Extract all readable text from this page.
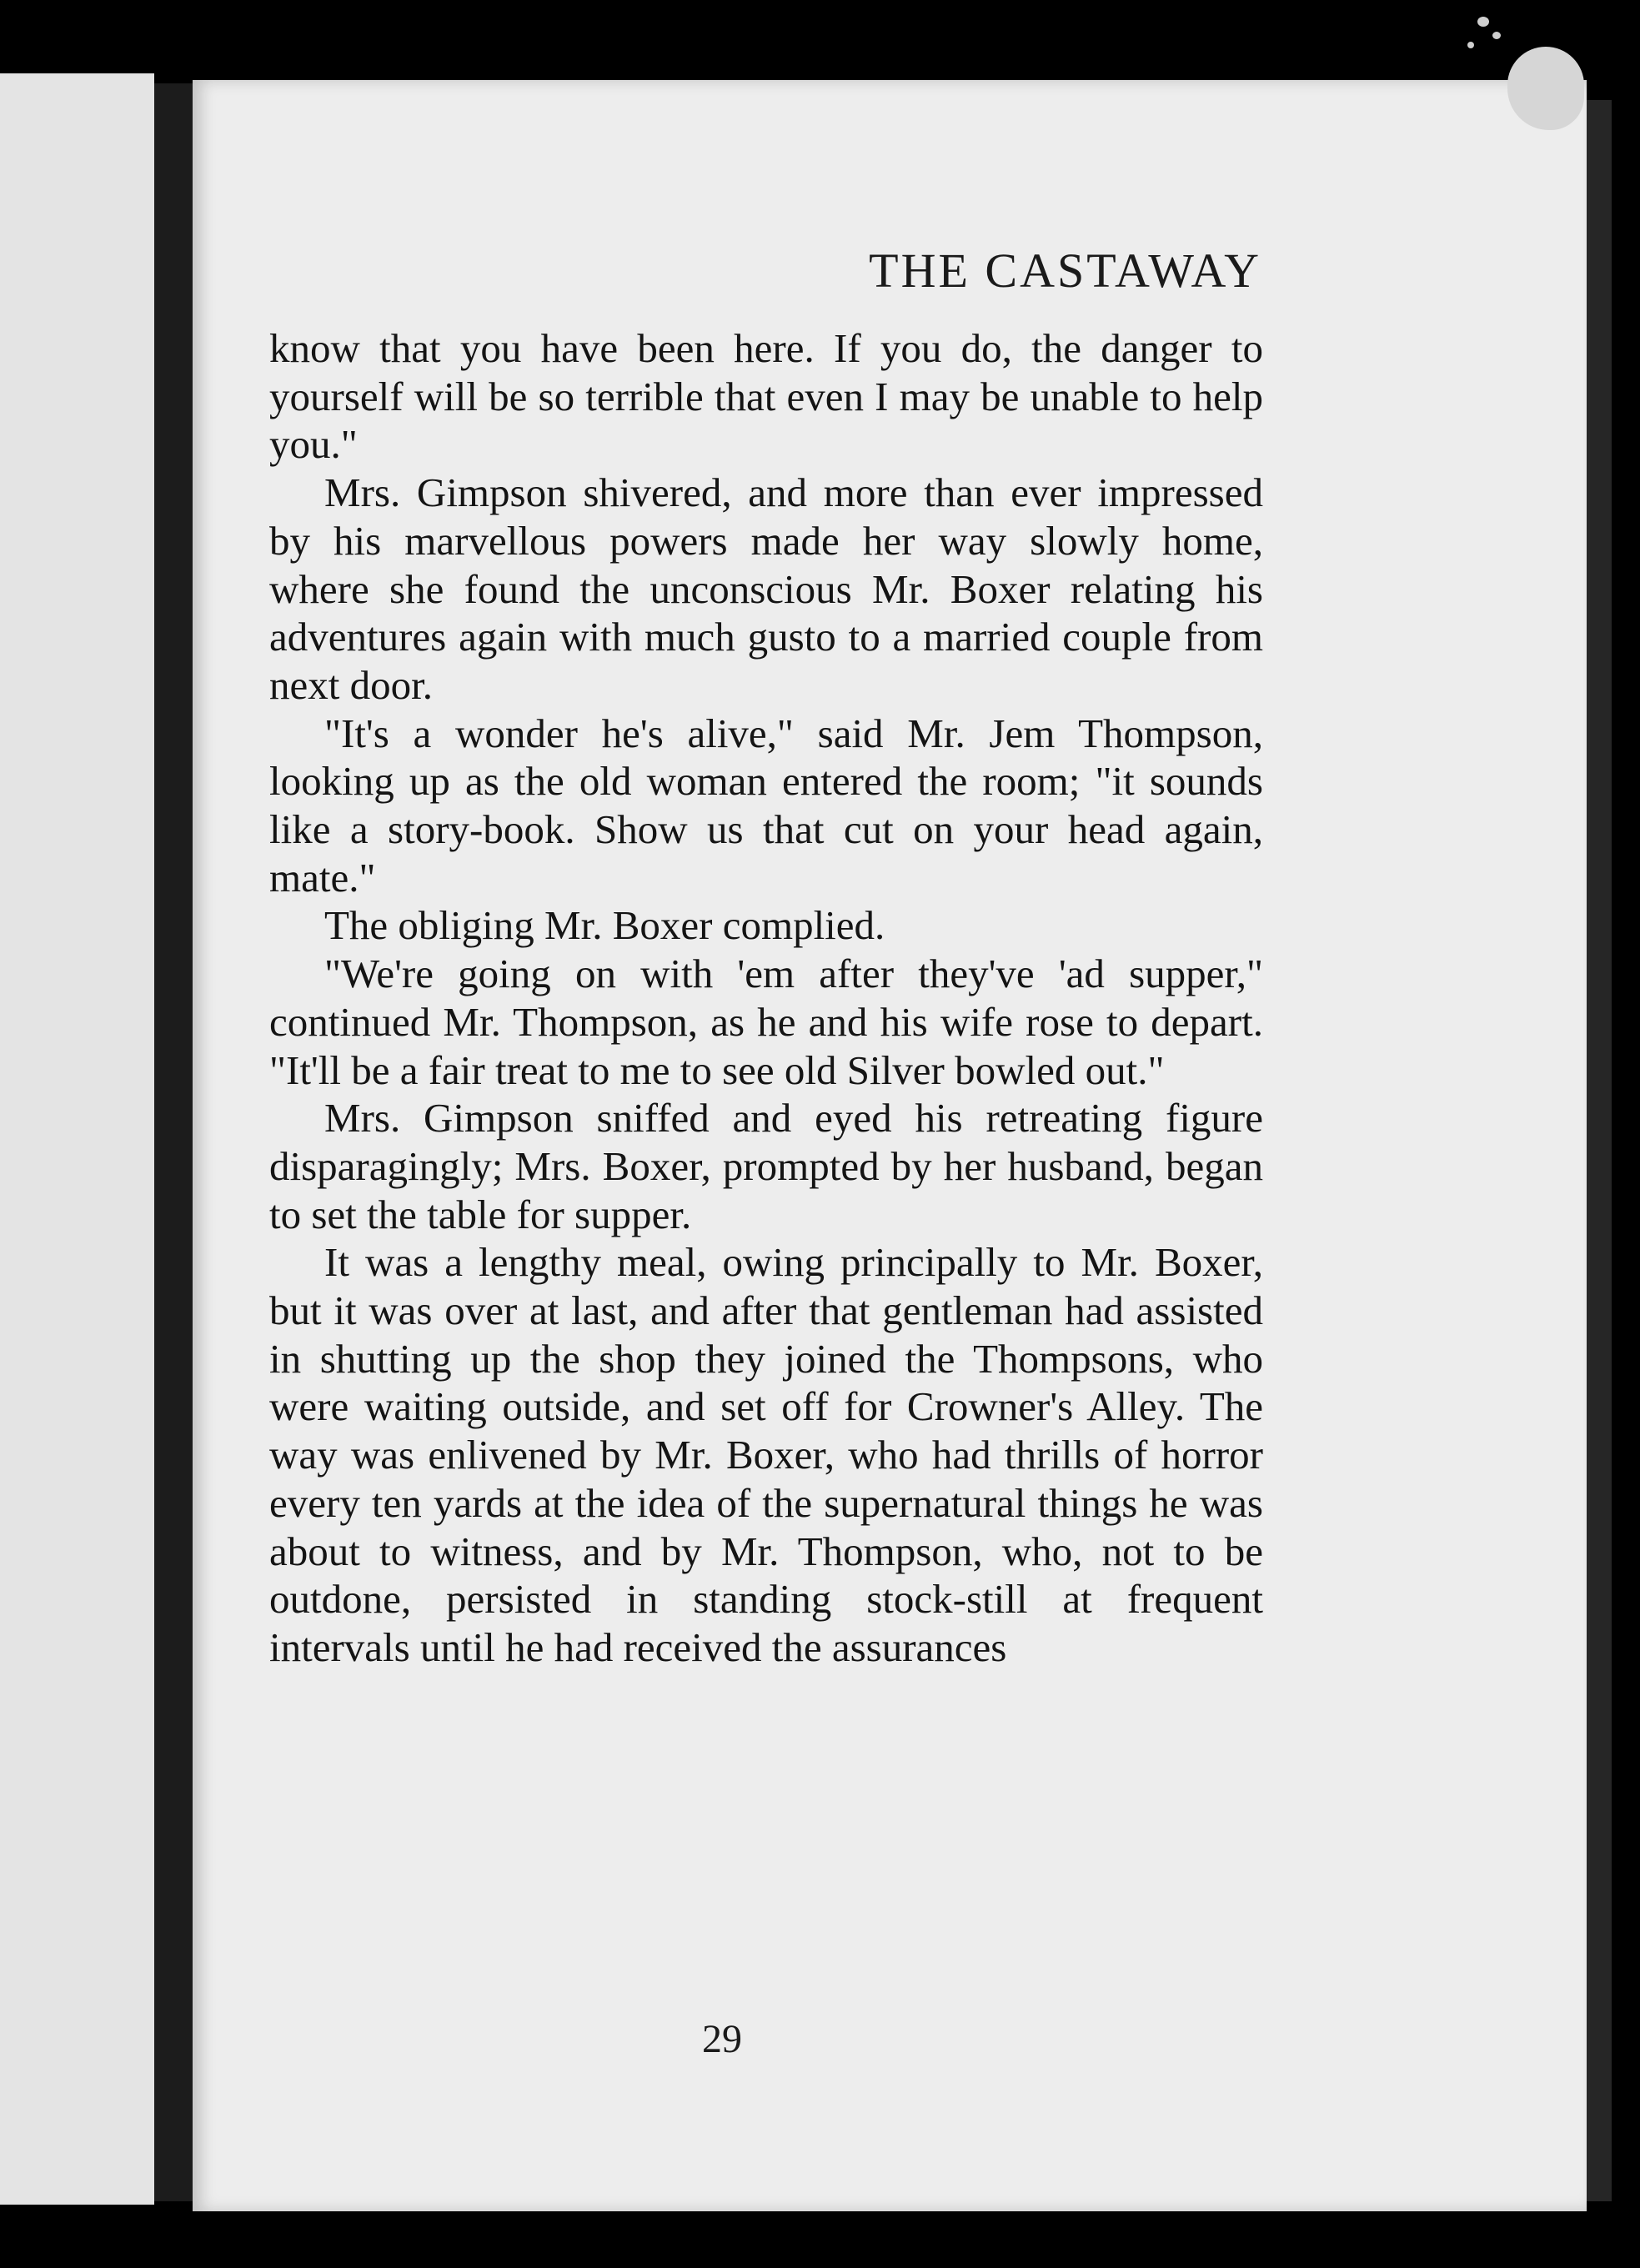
THE CASTAWAY

know that you have been here. If you do, the danger to yourself will be so terrible that even I may be unable to help you."

Mrs. Gimpson shivered, and more than ever impressed by his marvellous powers made her way slowly home, where she found the unconscious Mr. Boxer relating his adventures again with much gusto to a married couple from next door.

"It's a wonder he's alive," said Mr. Jem Thompson, looking up as the old woman entered the room; "it sounds like a story-book. Show us that cut on your head again, mate."

The obliging Mr. Boxer complied.

"We're going on with 'em after they've 'ad supper," continued Mr. Thompson, as he and his wife rose to depart. "It'll be a fair treat to me to see old Silver bowled out."

Mrs. Gimpson sniffed and eyed his retreating figure disparagingly; Mrs. Boxer, prompted by her husband, began to set the table for supper.

It was a lengthy meal, owing principally to Mr. Boxer, but it was over at last, and after that gentleman had assisted in shutting up the shop they joined the Thompsons, who were waiting outside, and set off for Crowner's Alley. The way was enlivened by Mr. Boxer, who had thrills of horror every ten yards at the idea of the supernatural things he was about to witness, and by Mr. Thompson, who, not to be outdone, persisted in standing stock-still at frequent intervals until he had received the assurances

29
